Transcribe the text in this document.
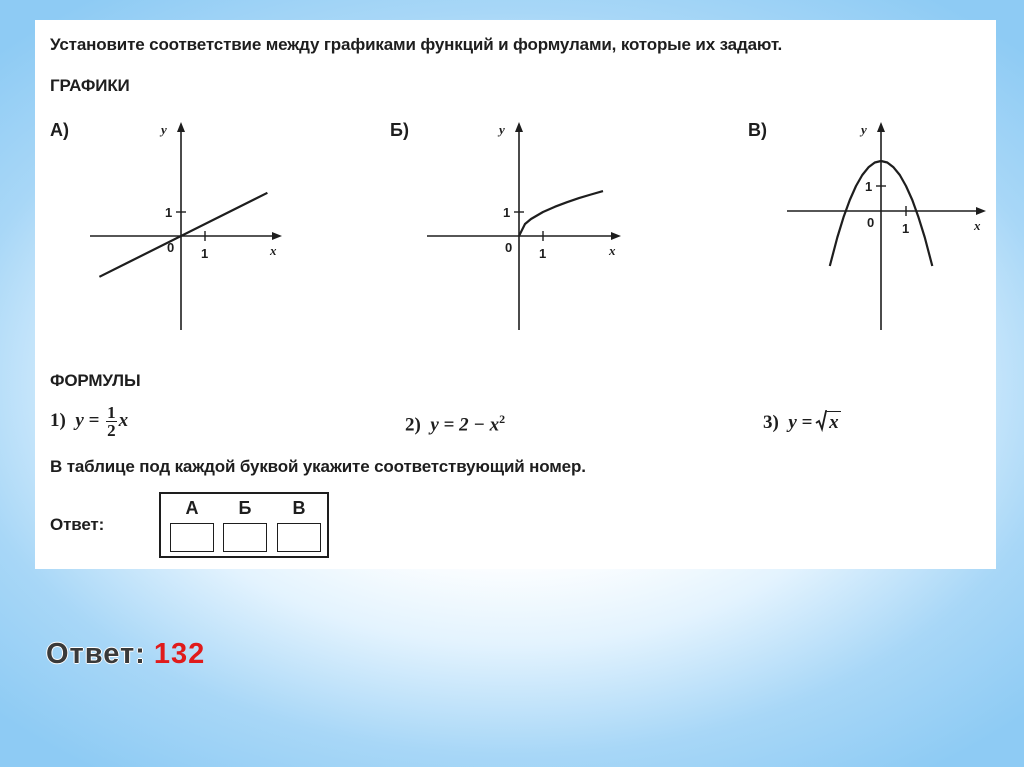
Установите соответствие между графиками функций и формулами, которые их задают.
ГРАФИКИ
А)	Б)	В)
y
x
0 1
1
y
x
0 1
1
y
x
0 1
1
ФОРМУЛЫ
1) $y = \frac{1}{2}$ x	2) $y = 2 - x^2$	3) y = x
В таблице под каждой буквой укажите соответствующий номер.
Ответ:
А	Б	В
Ответ: 132
